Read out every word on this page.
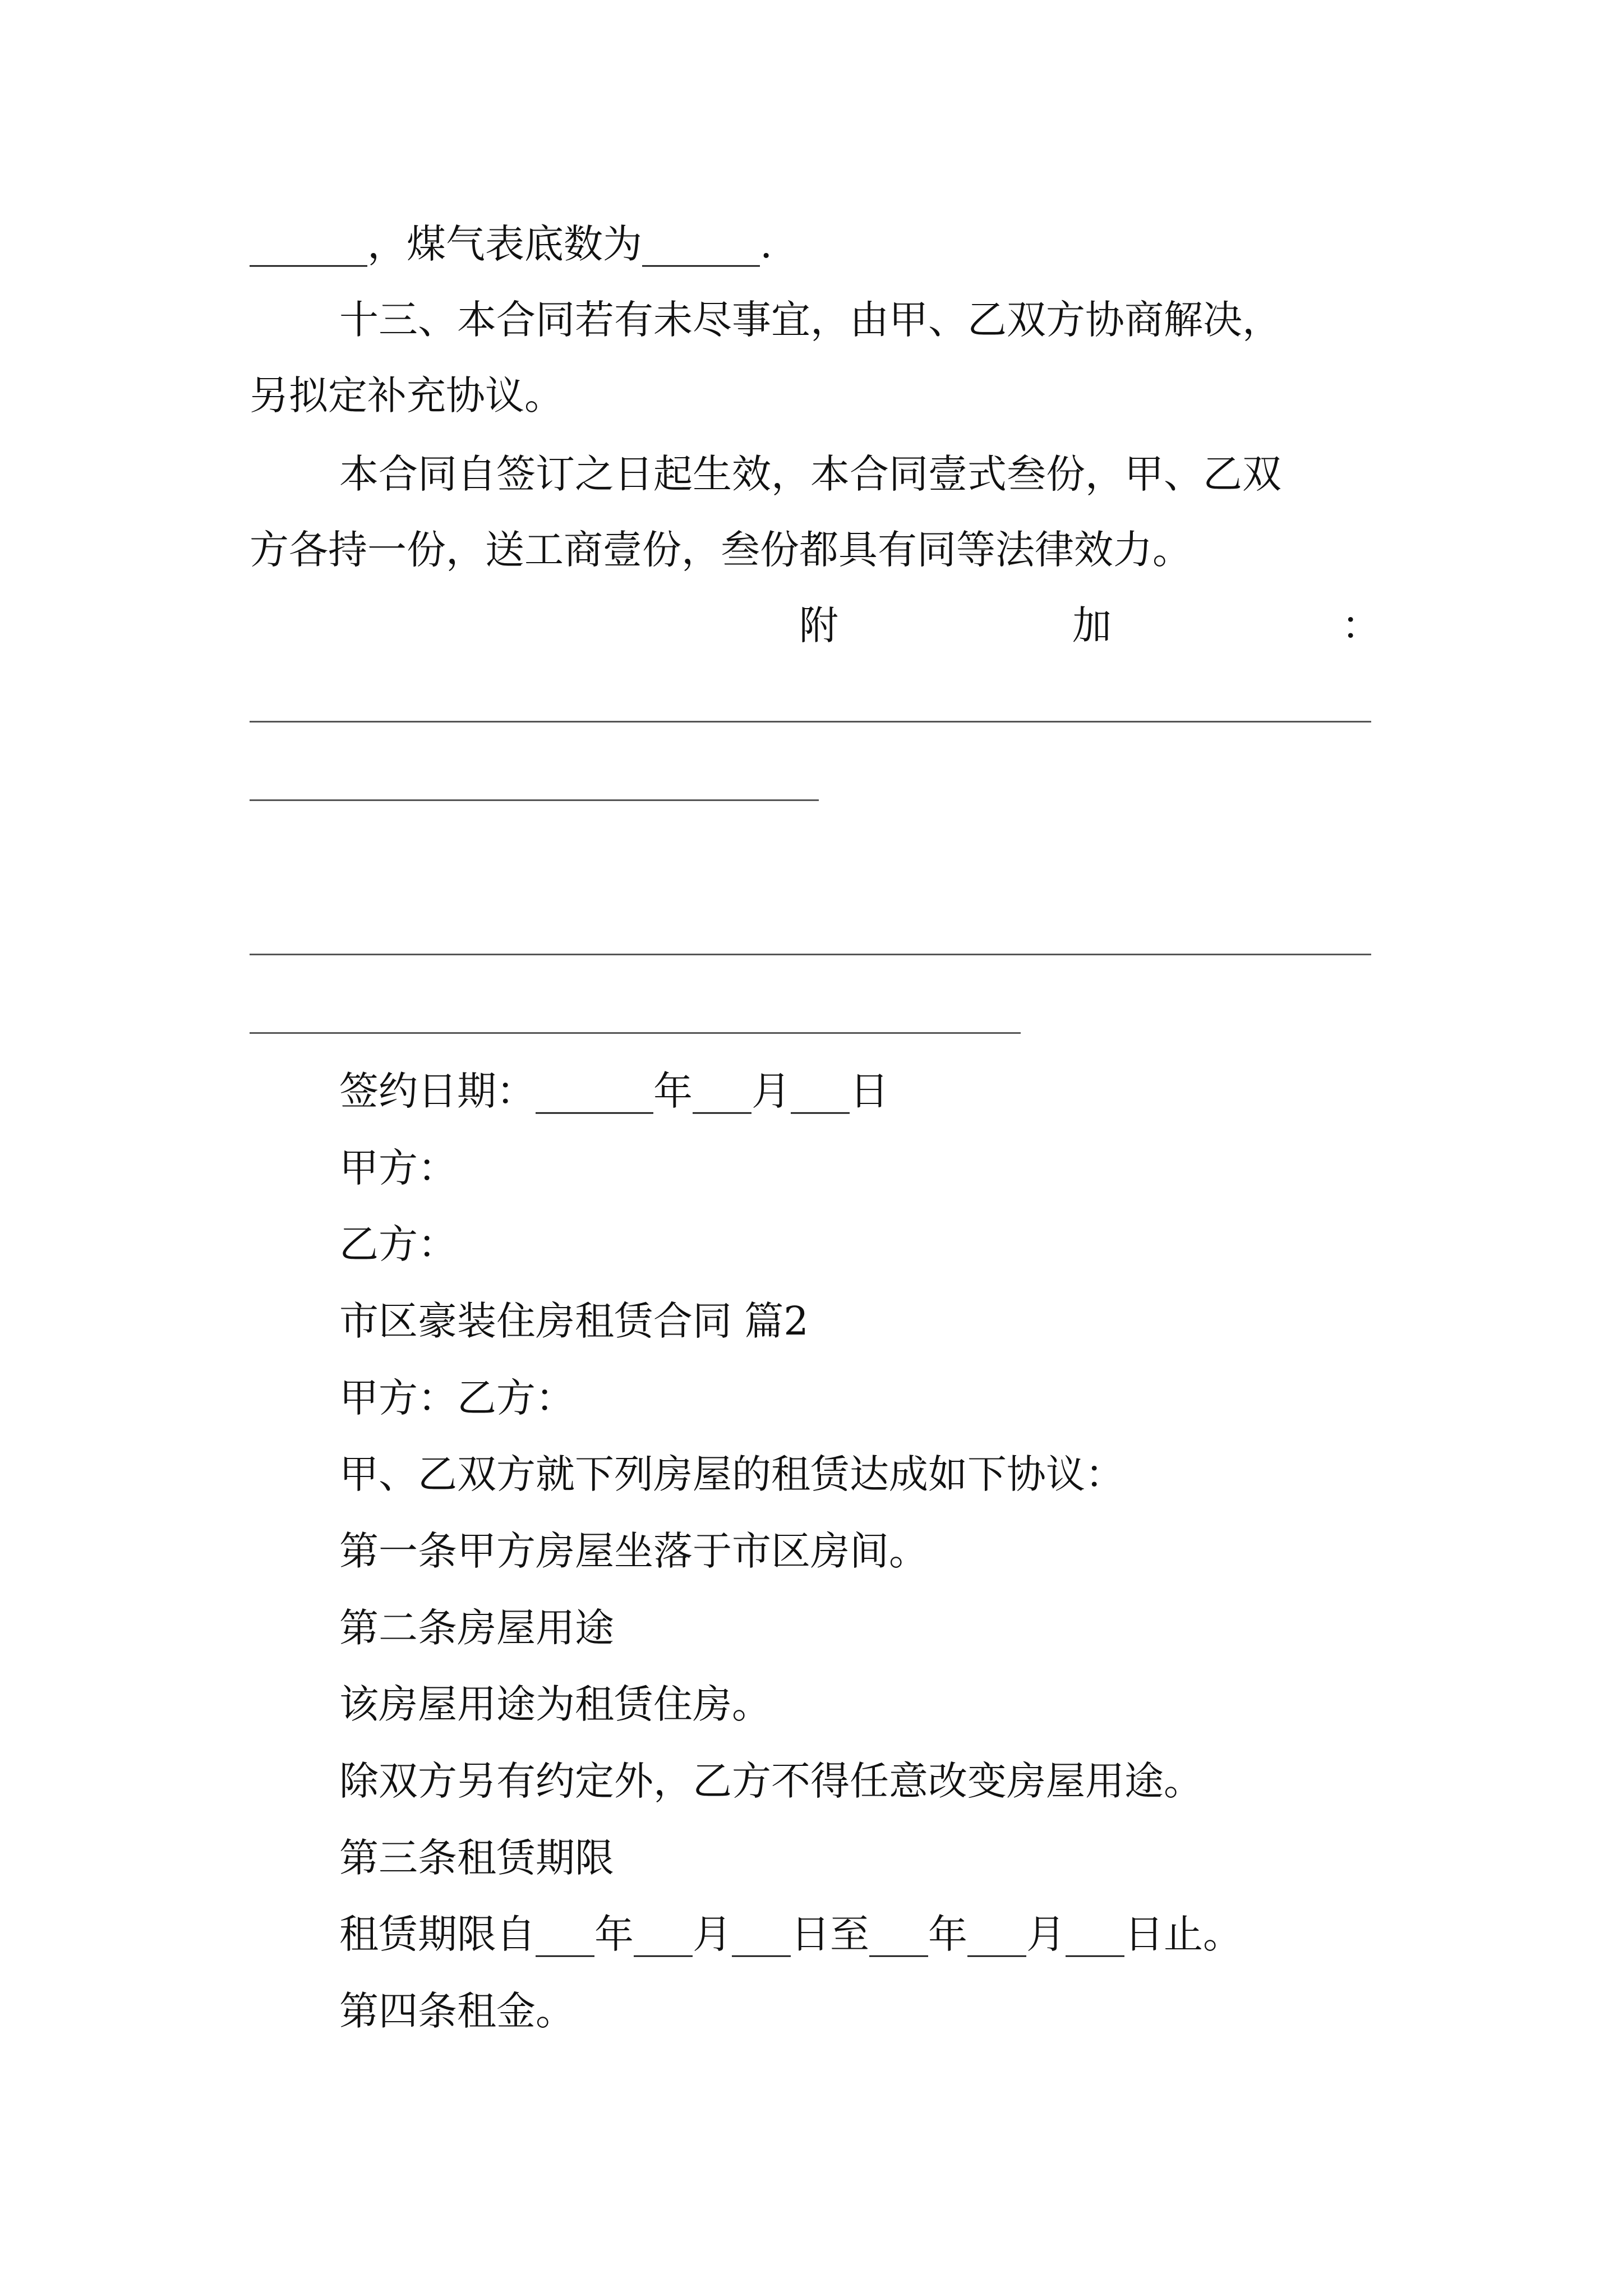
______，煤气表底数为______.

十三、本合同若有未尽事宜，由甲、乙双方协商解决，

另拟定补充协议。

本合同自签订之日起生效，本合同壹式叁份，甲、乙双

方各持一份，送工商壹份，叁份都具有同等法律效力。

附	加	：

签约日期：______年___月___日

甲方：

乙方：

市区豪装住房租赁合同 篇2

甲方：乙方：

甲、乙双方就下列房屋的租赁达成如下协议：

第一条甲方房屋坐落于市区房间。

第二条房屋用途

该房屋用途为租赁住房。

除双方另有约定外，乙方不得任意改变房屋用途。

第三条租赁期限

租赁期限自___年___月___日至___年___月___日止。

第四条租金。
